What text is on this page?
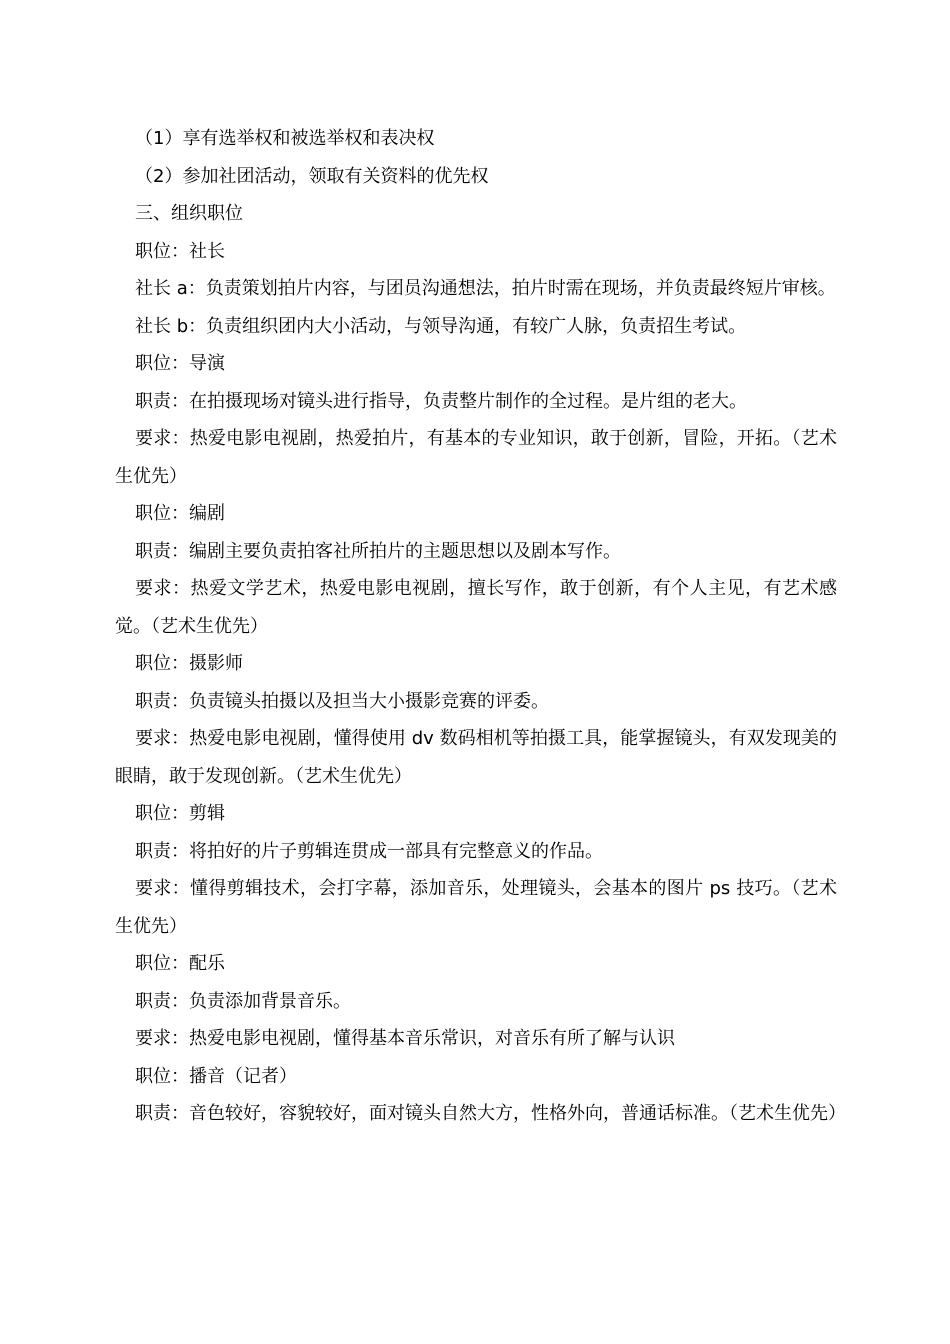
（1）享有选举权和被选举权和表决权

（2）参加社团活动，领取有关资料的优先权

三、组织职位

职位：社长

社长 a：负责策划拍片内容，与团员沟通想法，拍片时需在现场，并负责最终短片审核。

社长 b：负责组织团内大小活动，与领导沟通，有较广人脉，负责招生考试。

职位：导演

职责：在拍摄现场对镜头进行指导，负责整片制作的全过程。是片组的老大。

要求：热爱电影电视剧，热爱拍片，有基本的专业知识，敢于创新，冒险，开拓。（艺术生优先）

职位：编剧

职责：编剧主要负责拍客社所拍片的主题思想以及剧本写作。

要求：热爱文学艺术，热爱电影电视剧，擅长写作，敢于创新，有个人主见，有艺术感觉。（艺术生优先）

职位：摄影师

职责：负责镜头拍摄以及担当大小摄影竞赛的评委。

要求：热爱电影电视剧，懂得使用 dv 数码相机等拍摄工具，能掌握镜头，有双发现美的眼睛，敢于发现创新。（艺术生优先）

职位：剪辑

职责：将拍好的片子剪辑连贯成一部具有完整意义的作品。

要求：懂得剪辑技术，会打字幕，添加音乐，处理镜头，会基本的图片 ps 技巧。（艺术生优先）

职位：配乐

职责：负责添加背景音乐。

要求：热爱电影电视剧，懂得基本音乐常识，对音乐有所了解与认识

职位：播音（记者）

职责：音色较好，容貌较好，面对镜头自然大方，性格外向，普通话标准。（艺术生优先）
